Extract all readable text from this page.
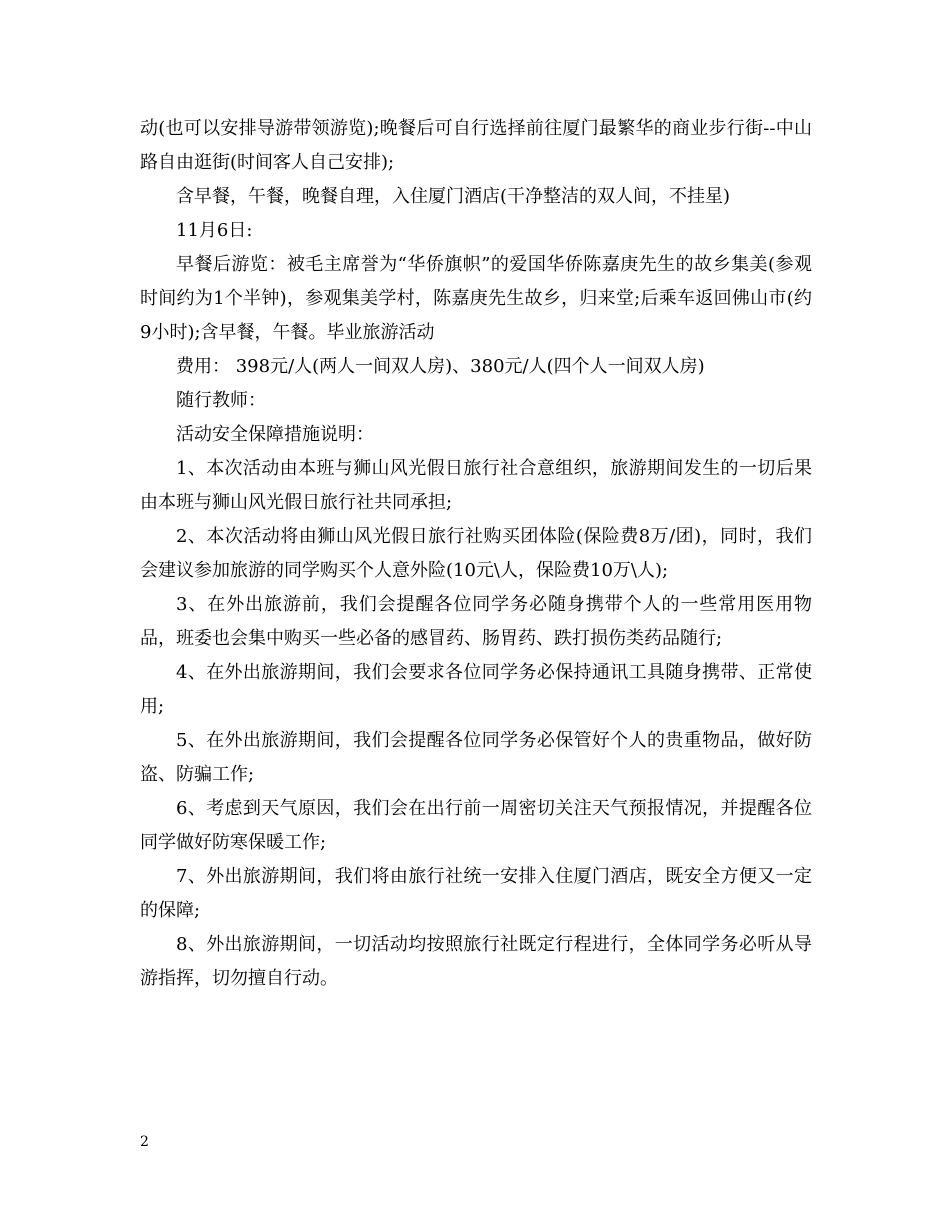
动(也可以安排导游带领游览);晚餐后可自行选择前往厦门最繁华的商业步行街--中山路自由逛街(时间客人自己安排);

含早餐，午餐，晚餐自理，入住厦门酒店(干净整洁的双人间，不挂星)

11月6日:

早餐后游览：被毛主席誉为“华侨旗帜”的爱国华侨陈嘉庚先生的故乡集美(参观时间约为1个半钟)，参观集美学村，陈嘉庚先生故乡，归来堂;后乘车返回佛山市(约9小时);含早餐，午餐。毕业旅游活动

费用： 398元/人(两人一间双人房)、380元/人(四个人一间双人房)

随行教师：

活动安全保障措施说明：

1、本次活动由本班与狮山风光假日旅行社合意组织，旅游期间发生的一切后果由本班与狮山风光假日旅行社共同承担;

2、本次活动将由狮山风光假日旅行社购买团体险(保险费8万/团)，同时，我们会建议参加旅游的同学购买个人意外险(10元\人，保险费10万\人);

3、在外出旅游前，我们会提醒各位同学务必随身携带个人的一些常用医用物品，班委也会集中购买一些必备的感冒药、肠胃药、跌打损伤类药品随行;

4、在外出旅游期间，我们会要求各位同学务必保持通讯工具随身携带、正常使用;

5、在外出旅游期间，我们会提醒各位同学务必保管好个人的贵重物品，做好防盗、防骗工作;

6、考虑到天气原因，我们会在出行前一周密切关注天气预报情况，并提醒各位同学做好防寒保暖工作;

7、外出旅游期间，我们将由旅行社统一安排入住厦门酒店，既安全方便又一定的保障;

8、外出旅游期间，一切活动均按照旅行社既定行程进行，全体同学务必听从导游指挥，切勿擅自行动。

2
